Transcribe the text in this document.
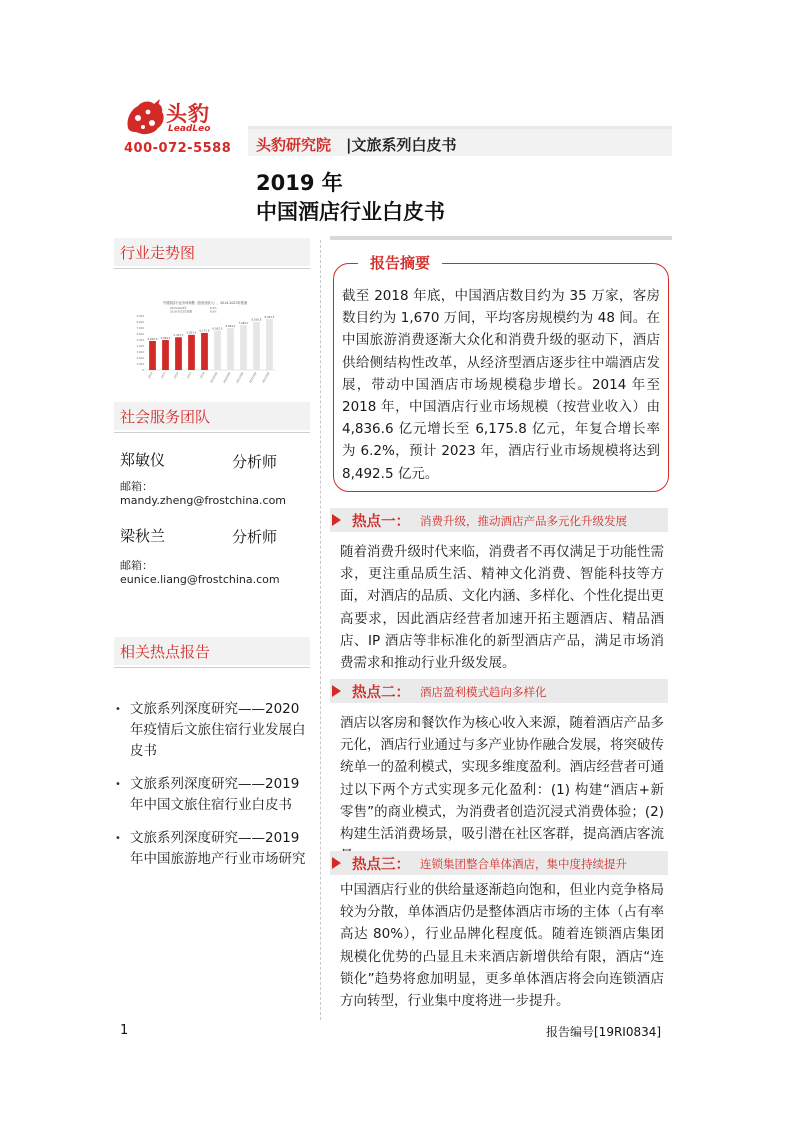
头豹
LeadLeo
400-072-5588 头豹研究院 |文旅系列白皮书
2019 年
中国酒店行业白皮书
行业走势图
中国酒店行业市场规模（按营业收入），2014-2023年预测
2014-2018年
2018-2023年预测
6.2%
6.6%
9,000
8,000
7,000
6,000
5,000
4,000
3,000
2,000
1,000
0
4,836.6
2014
4,996.2
2015
5,452.3
2016
5,853.5
2017
6,175.8
2018
6,562.5
2019预测
6,984.2
2020预测
7,468.1
2021预测
8,036.8
2022预测
8,492.5
2023预测
社会服务团队
郑敏仪	分析师
邮箱：
mandy.zheng@frostchina.com
梁秋兰	分析师
邮箱：
eunice.liang@frostchina.com
相关热点报告
• 文旅系列深度研究——2020 年疫情后文旅住宿行业发展白皮书
• 文旅系列深度研究——2019 年中国文旅住宿行业白皮书
• 文旅系列深度研究——2019 年中国旅游地产行业市场研究
报告摘要
截至 2018 年底，中国酒店数目约为 35 万家，客房数目约为 1,670 万间，平均客房规模约为 48 间。在中国旅游消费逐渐大众化和消费升级的驱动下，酒店供给侧结构性改革，从经济型酒店逐步往中端酒店发展，带动中国酒店市场规模稳步增长。2014 年至 2018 年，中国酒店行业市场规模（按营业收入）由 4,836.6 亿元增长至 6,175.8 亿元，年复合增长率为 6.2%，预计 2023 年，酒店行业市场规模将达到 8,492.5 亿元。
热点一： 消费升级，推动酒店产品多元化升级发展
随着消费升级时代来临，消费者不再仅满足于功能性需求，更注重品质生活、精神文化消费、智能科技等方面，对酒店的品质、文化内涵、多样化、个性化提出更高要求，因此酒店经营者加速开拓主题酒店、精品酒店、IP 酒店等非标准化的新型酒店产品，满足市场消费需求和推动行业升级发展。
热点二： 酒店盈利模式趋向多样化
酒店以客房和餐饮作为核心收入来源，随着酒店产品多元化，酒店行业通过与多产业协作融合发展，将突破传统单一的盈利模式，实现多维度盈利。酒店经营者可通过以下两个方式实现多元化盈利：(1) 构建“酒店+新零售”的商业模式，为消费者创造沉浸式消费体验；(2) 构建生活消费场景，吸引潜在社区客群，提高酒店客流
热点三： 连锁集团整合单体酒店，集中度持续提升
中国酒店行业的供给量逐渐趋向饱和，但业内竞争格局较为分散，单体酒店仍是整体酒店市场的主体（占有率高达 80%），行业品牌化程度低。随着连锁酒店集团规模化优势的凸显且未来酒店新增供给有限，酒店“连锁化”趋势将愈加明显，更多单体酒店将会向连锁酒店方向转型，行业集中度将进一步提升。
1	报告编号[19RI0834]
